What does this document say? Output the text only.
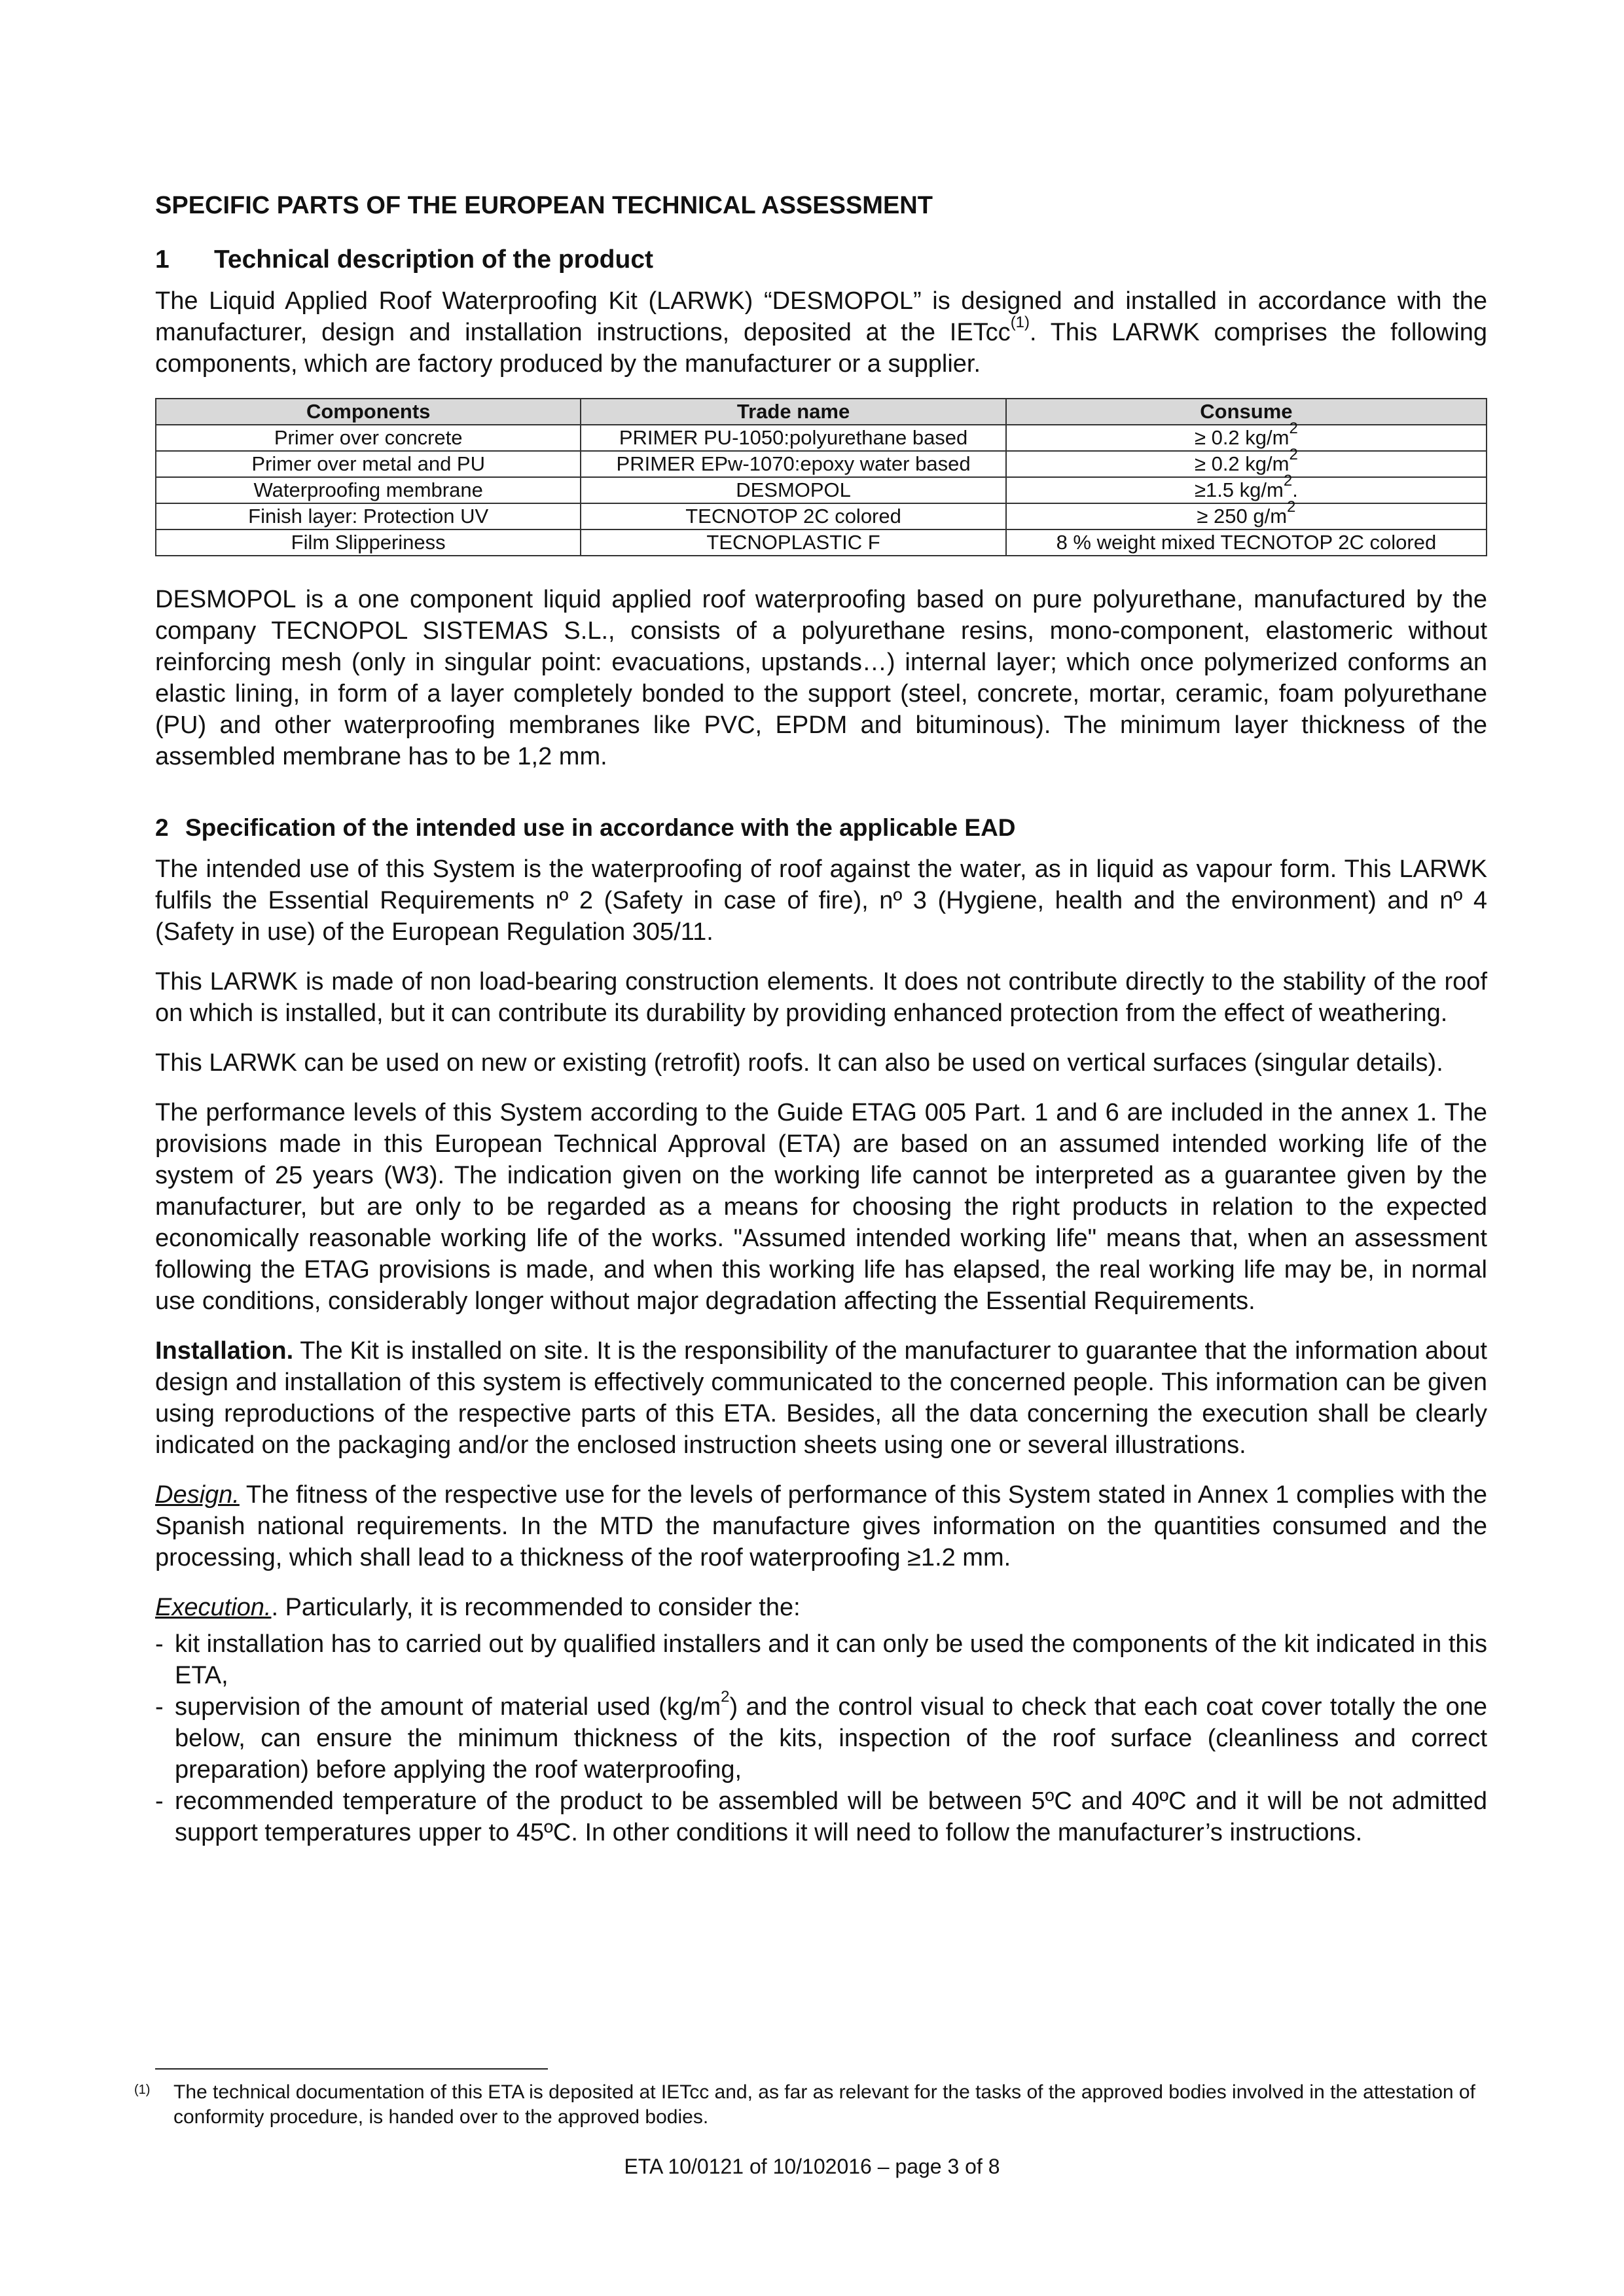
SPECIFIC PARTS OF THE EUROPEAN TECHNICAL ASSESSMENT
1 Technical description of the product

The Liquid Applied Roof Waterproofing Kit (LARWK) “DESMOPOL” is designed and installed in accordance with the manufacturer, design and installation instructions, deposited at the IETcc$^{(1)}$. This LARWK comprises the following components, which are factory produced by the manufacturer or a supplier.

Components	Trade name	Consume
Primer over concrete	PRIMER PU-1050:polyurethane based	≥ 0.2 $kg/m^2$
Primer over metal and PU	PRIMER EPw-1070:epoxy water based	≥ 0.2 $kg/m^2$
Waterproofing membrane	DESMOPOL	≥1.5 $kg/m^2$.
Finish layer: Protection UV	TECNOTOP 2C colored	≥ 250 $g/m^2$
Film Slipperiness	TECNOPLASTIC F	8 % weight mixed TECNOTOP 2C colored

DESMOPOL is a one component liquid applied roof waterproofing based on pure polyurethane, manufactured by the company TECNOPOL SISTEMAS S.L., consists of a polyurethane resins, mono-component, elastomeric without reinforcing mesh (only in singular point: evacuations, upstands…) internal layer; which once polymerized conforms an elastic lining, in form of a layer completely bonded to the support (steel, concrete, mortar, ceramic, foam polyurethane (PU) and other waterproofing membranes like PVC, EPDM and bituminous). The minimum layer thickness of the assembled membrane has to be 1,2 mm.

2 Specification of the intended use in accordance with the applicable EAD

The intended use of this System is the waterproofing of roof against the water, as in liquid as vapour form. This LARWK fulfils the Essential Requirements nº 2 (Safety in case of fire), nº 3 (Hygiene, health and the environment) and nº 4 (Safety in use) of the European Regulation 305/11.

This LARWK is made of non load-bearing construction elements. It does not contribute directly to the stability of the roof on which is installed, but it can contribute its durability by providing enhanced protection from the effect of weathering.

This LARWK can be used on new or existing (retrofit) roofs. It can also be used on vertical surfaces (singular details).

The performance levels of this System according to the Guide ETAG 005 Part. 1 and 6 are included in the annex 1. The provisions made in this European Technical Approval (ETA) are based on an assumed intended working life of the system of 25 years (W3). The indication given on the working life cannot be interpreted as a guarantee given by the manufacturer, but are only to be regarded as a means for choosing the right products in relation to the expected economically reasonable working life of the works. "Assumed intended working life" means that, when an assessment following the ETAG provisions is made, and when this working life has elapsed, the real working life may be, in normal use conditions, considerably longer without major degradation affecting the Essential Requirements.

Installation. The Kit is installed on site. It is the responsibility of the manufacturer to guarantee that the information about design and installation of this system is effectively communicated to the concerned people. This information can be given using reproductions of the respective parts of this ETA. Besides, all the data concerning the execution shall be clearly indicated on the packaging and/or the enclosed instruction sheets using one or several illustrations.

Design. The fitness of the respective use for the levels of performance of this System stated in Annex 1 complies with the Spanish national requirements. In the MTD the manufacture gives information on the quantities consumed and the processing, which shall lead to a thickness of the roof waterproofing ≥1.2 mm.

Execution.. Particularly, it is recommended to consider the:

- kit installation has to carried out by qualified installers and it can only be used the components of the kit indicated in this ETA,
- supervision of the amount of material used $(kg/m^2)$ and the control visual to check that each coat cover totally the one below, can ensure the minimum thickness of the kits, inspection of the roof surface (cleanliness and correct preparation) before applying the roof waterproofing,
- recommended temperature of the product to be assembled will be between 5ºC and 40ºC and it will be not admitted support temperatures upper to 45ºC. In other conditions it will need to follow the manufacturer’s instructions.
(1) The technical documentation of this ETA is deposited at IETcc and, as far as relevant for the tasks of the approved bodies involved in the attestation of conformity procedure, is handed over to the approved bodies.
ETA 10/0121 of 10/102016 – page 3 of 8
